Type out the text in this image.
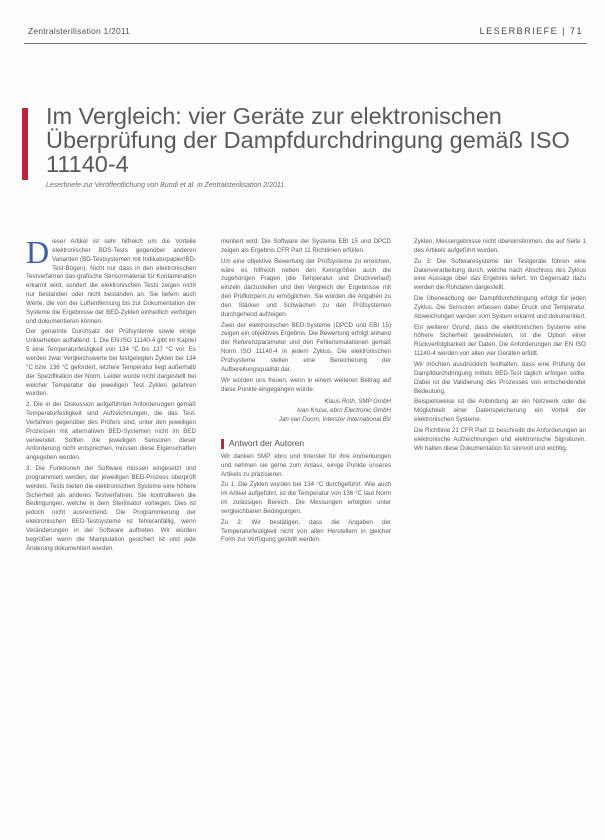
Zentralsterilisation 1/2011	LESERBRIEFE | 71
Im Vergleich: vier Geräte zur elektronischen Überprüfung der Dampfdurchdringung gemäß ISO 11140-4
Leserbriefe zur Veröffentlichung von Bundi et al. in Zentralsterilisation 2/2011

Dieser Artikel ist sehr hilfreich um die Vorteile elektronischer BDS-Tests gegenüber anderen Varianten (BD-Testsystemen mit Indikatorpapier/BD-Test-Bögen). Nicht nur dass in den elektronischen Testverfahren das grafische Sensormaterial für Kontamination erkannt wird, sondert die elektronischen Tests zeigen nicht nur bestanden oder nicht bestanden an. Sie liefern auch Werte, die von der Luftentfernung bis zur Dokumentation der Systeme die Ergebnisse der BED-Zyklen einheitlich verfolgen und dokumentieren können.

Der genannte Durchsatz der Prüfsysteme sowie einige Unklarheiten auffallend: 1. Die EN ISO 11140-4 gibt im Kapitel 5 eine Temperaturfestigkeit von 134 °C bis 137 °C vor. Es werden zwar Vergleichswerte bei festgelegten Zyklen bei 134 °C bzw. 136 °C gefordert, letztere Temperatur liegt außerhalb der Spezifikation der Norm. Leider wurde nicht dargestellt bei welcher Temperatur die jeweiligen Test Zyklen gefahren wurden.

2. Die in der Diskussion aufgeführten Anforderungen gemäß Temperaturfestigkeit sind Aufzeichnungen, die das Test-Verfahren gegenüber des Prüfers sind, unter den jeweiligen Prozessen mit alternativen BED-Systemen nicht im BED verwendet. Sollten die jeweiligen Sensoren dieser Anforderung nicht entsprechen, müssen diese Eigenschaften angegeben werden.

3. Die Funktionen der Software müssen eingesetzt und programmiert werden, der jeweiligen BED-Prozess überprüft werden. Tests bieten die elektronischen Systeme eine höhere Sicherheit als anderes Testverfahren. Sie kontrollieren die Bedingungen, welche in dem Sterilisator vorliegen. Dies ist jedoch nicht ausreichend. Die Programmierung der elektronischen BED-Testsysteme ist fehleranfällig, wenn Veränderungen in der Software auftreten. Wir würden begrüßen wenn die Manipulation gesichert ist und jede Änderung dokumentiert werden.

mentiert wird. Die Software der Systeme EBI 15 und DPCD zeigen als Ergebnis CFR Part 11 Richtlinien erfüllen.

Um eine objektive Bewertung der Prüfsysteme zu erreichen, wäre es hilfreich neben den Kenngrößen auch die zugehörigen Fragen (die Temperatur und Druckverlauf) einzeln darzustellen und den Vergleich der Ergebnisse mit den Prüfkörpern zu ermöglichen. Sie würden die Angaben zu den Stärken und Schwächen zu den Prüfsystemen durchgehend aufzeigen.

Zwei der elektronischen BED-Systeme (DPCD und EBI 15) zeigen ein objektives Ergebnis. Die Bewertung erfolgt anhand der Referenzparameter und den Fehlersimulationen gemäß Norm ISO 11140-4 in jedem Zyklus. Die elektronischen Prüfsysteme stellen eine Bereicherung der Aufbereitungsqualität dar.

Wir würden uns freuen, wenn in einem weiteren Beitrag auf diese Punkte eingegangen würde.

Klaus Roth, SMP GmbH
Ivan Kruse, ebro Electronic GmbH
Jan van Doorn, Interster International BV
Antwort der Autoren

Wir danken SMP, ebro und Interster für ihre Anmerkungen und nehmen sie gerne zum Anlass, einige Punkte unseres Artikels zu präzisieren.

Zu 1: Die Zyklen wurden bei 134 °C durchgeführt. Wie auch im Artikel aufgeführt, ist die Temperatur von 136 °C laut Norm im zulässigen Bereich. Die Messungen erfolgten unter vergleichbaren Bedingungen.

Zu 2: Wir bestätigen, dass die Angaben der Temperaturfestigkeit nicht von allen Herstellern in gleicher Form zur Verfügung gestellt werden.

Zyklen, Messergebnisse nicht übereinstimmen, die auf Seite 1 des Artikels aufgeführt wurden.

Zu 3: Die Softwaresysteme der Testgeräte führen eine Datenverarbeitung durch, welche nach Abschluss des Zyklus eine Aussage über das Ergebnis liefert. Im Gegensatz dazu werden die Rohdaten dargestellt.

Die Überwachung der Dampfdurchdringung erfolgt für jeden Zyklus. Die Sensoren erfassen dabei Druck und Temperatur. Abweichungen werden vom System erkannt und dokumentiert.

Ein weiterer Grund, dass die elektronischen Systeme eine höhere Sicherheit gewährleisten, ist die Option einer Rückverfolgbarkeit der Daten. Die Anforderungen der EN ISO 11140-4 werden von allen vier Geräten erfüllt.

Wir möchten ausdrücklich festhalten, dass eine Prüfung der Dampfdurchdringung mittels BED-Test täglich erfolgen sollte. Dabei ist die Validierung des Prozesses von entscheidender Bedeutung.

Beispielsweise ist die Anbindung an ein Netzwerk oder die Möglichkeit einer Datenspeicherung ein Vorteil der elektronischen Systeme.

Die Richtlinie 21 CFR Part 11 beschreibt die Anforderungen an elektronische Aufzeichnungen und elektronische Signaturen. Wir halten diese Dokumentation für sinnvoll und wichtig.
